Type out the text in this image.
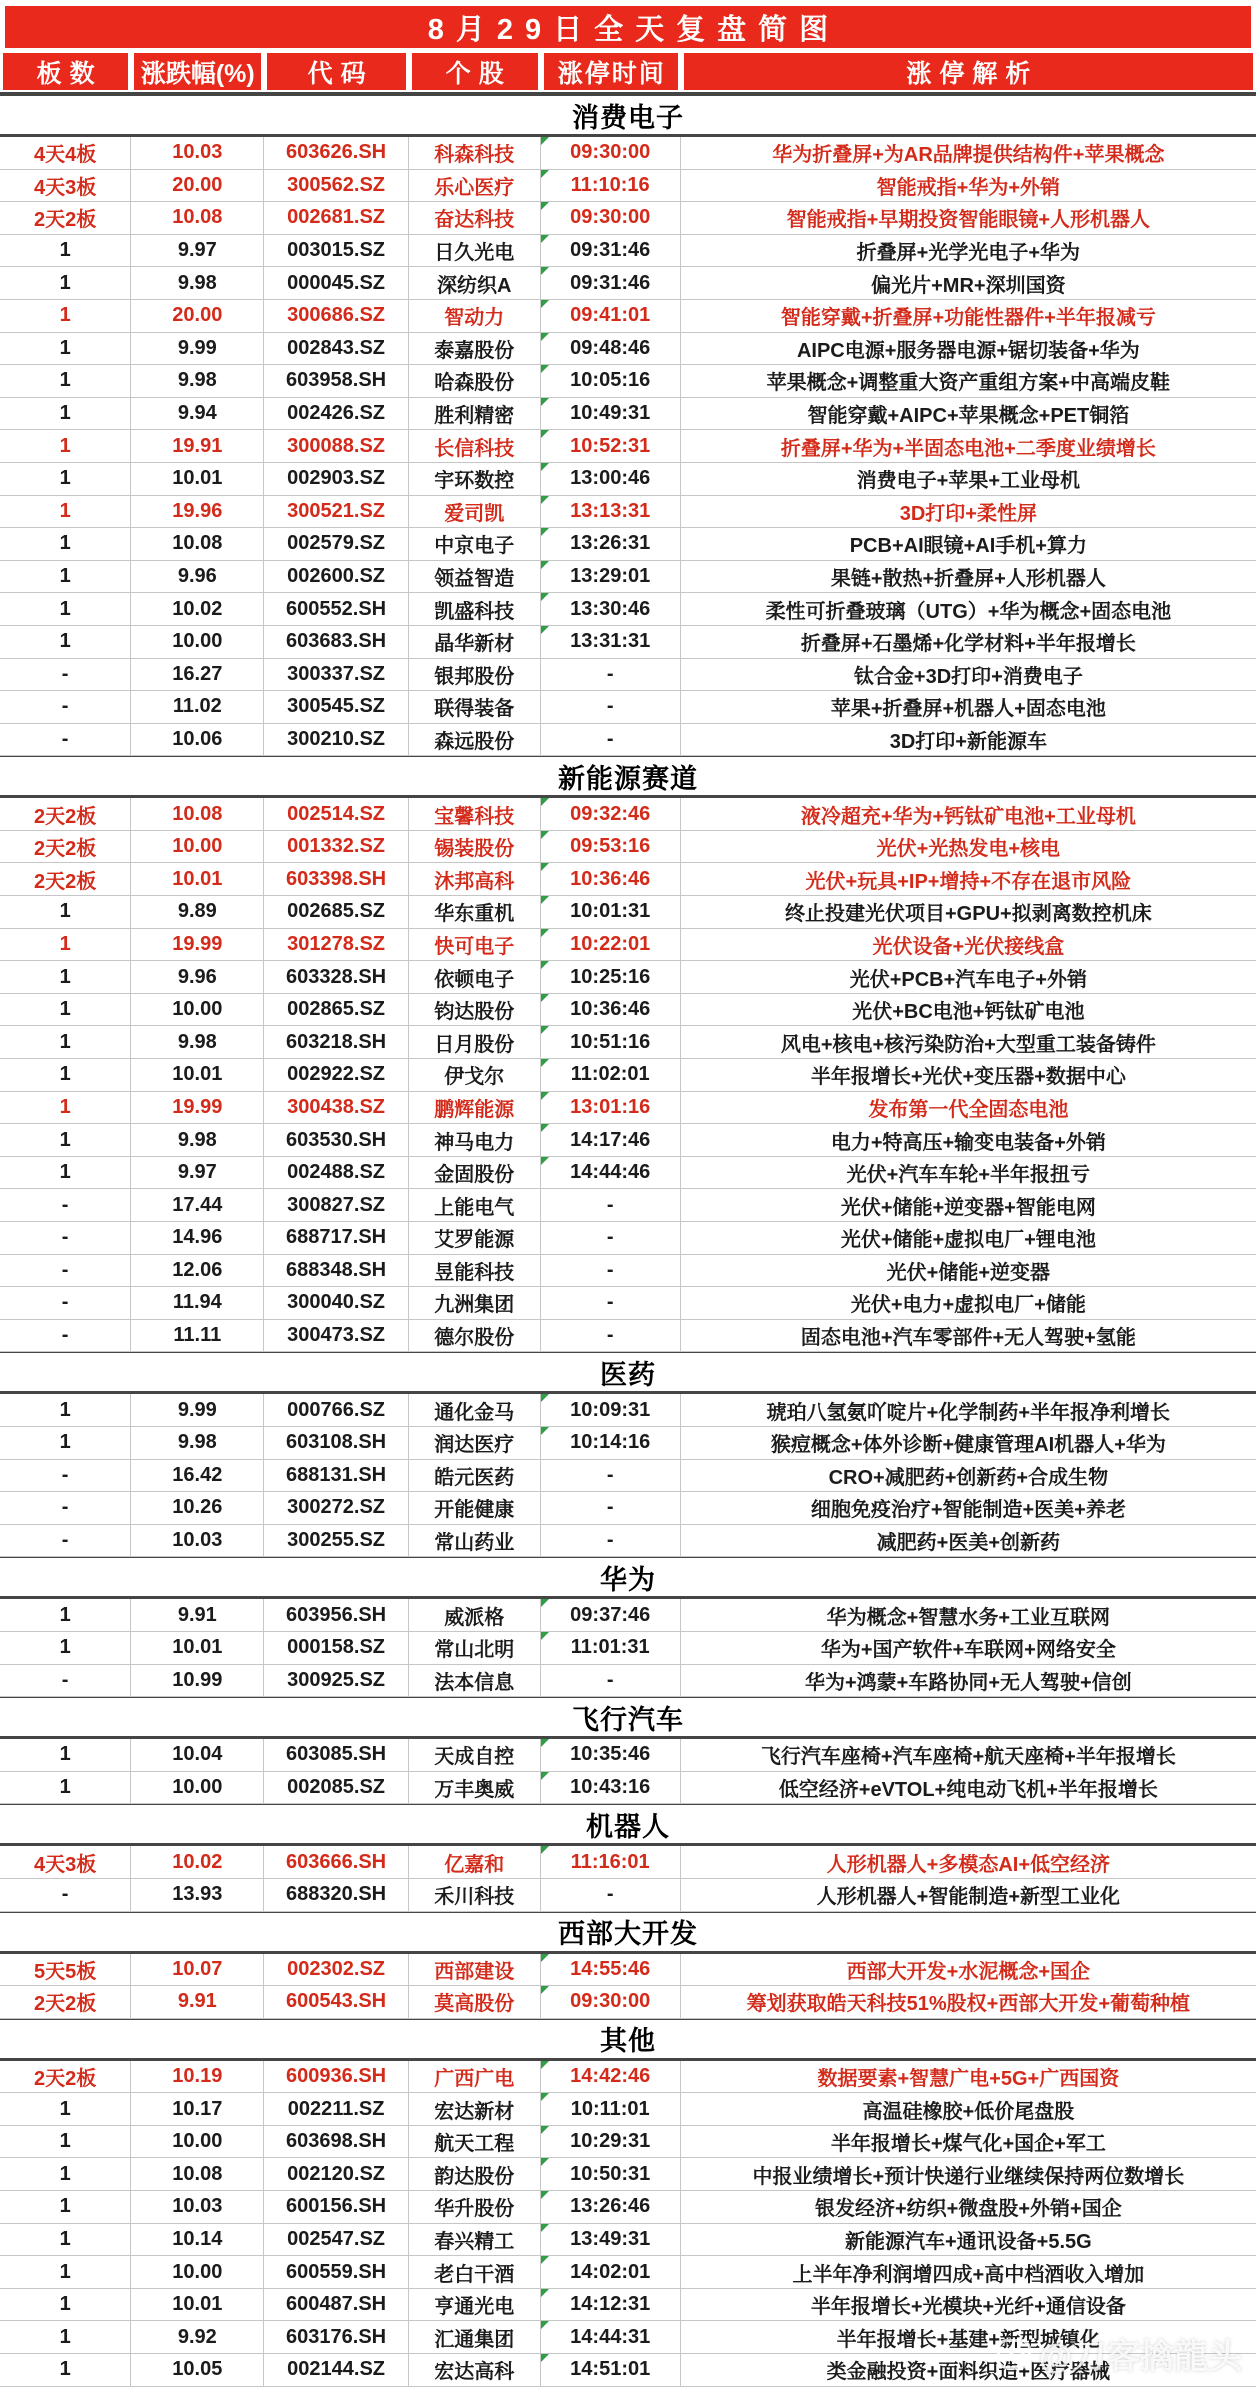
8月29日全天复盘简图
板数	涨跌幅(%)	代码	个股	涨停时间	涨停解析
消费电子
4天4板	10.03	603626.SH 科森科技	09:30:00	华为折叠屏+为AR品牌提供结构件+苹果概念
4天3板	20.00	300562.SZ 乐心医疗	11:10:16	智能戒指+华为+外销
2天2板	10.08	002681.SZ 奋达科技	09:30:00	智能戒指+早期投资智能眼镜+人形机器人
1	9.97	003015.SZ 日久光电	09:31:46	折叠屏+光学光电子+华为
1	9.98	000045.SZ	深纺织A	09:31:46	偏光片+MR+深圳国资
1	20.00	300686.SZ	智动力	09:41:01	智能穿戴+折叠屏+功能性器件+半年报减亏
1	9.99	002843.SZ 泰嘉股份	09:48:46	AIPC电源+服务器电源+锯切装备+华为
1	9.98	603958.SH 哈森股份	10:05:16	苹果概念+调整重大资产重组方案+中高端皮鞋
1	9.94	002426.SZ 胜利精密	10:49:31	智能穿戴+AIPC+苹果概念+PET铜箔
1	19.91	300088.SZ 长信科技	10:52:31	折叠屏+华为+半固态电池+二季度业绩增长
1	10.01	002903.SZ 宇环数控	13:00:46	消费电子+苹果+工业母机
1	19.96	300521.SZ	爱司凯	13:13:31	3D打印+柔性屏
1	10.08	002579.SZ 中京电子	13:26:31	PCB+AI眼镜+AI手机+算力
1	9.96	002600.SZ 领益智造	13:29:01	果链+散热+折叠屏+人形机器人
1	10.02	600552.SH 凯盛科技	13:30:46	柔性可折叠玻璃（UTG）+华为概念+固态电池
1	10.00	603683.SH 晶华新材	13:31:31	折叠屏+石墨烯+化学材料+半年报增长
-	16.27	300337.SZ 银邦股份	-	钛合金+3D打印+消费电子
-	11.02	300545.SZ 联得装备	-	苹果+折叠屏+机器人+固态电池
-	10.06	300210.SZ 森远股份	-	3D打印+新能源车
新能源赛道
2天2板	10.08	002514.SZ 宝馨科技	09:32:46	液冷超充+华为+钙钛矿电池+工业母机
2天2板	10.00	001332.SZ 锡装股份	09:53:16	光伏+光热发电+核电
2天2板	10.01	603398.SH 沐邦高科	10:36:46	光伏+玩具+IP+增持+不存在退市风险
1	9.89	002685.SZ 华东重机	10:01:31	终止投建光伏项目+GPU+拟剥离数控机床
1	19.99	301278.SZ 快可电子	10:22:01	光伏设备+光伏接线盒
1	9.96	603328.SH 依顿电子	10:25:16	光伏+PCB+汽车电子+外销
1	10.00	002865.SZ 钧达股份	10:36:46	光伏+BC电池+钙钛矿电池
1	9.98	603218.SH 日月股份	10:51:16	风电+核电+核污染防治+大型重工装备铸件
1	10.01	002922.SZ	伊戈尔	11:02:01	半年报增长+光伏+变压器+数据中心
1	19.99	300438.SZ 鹏辉能源	13:01:16	发布第一代全固态电池
1	9.98	603530.SH 神马电力	14:17:46	电力+特高压+输变电装备+外销
1	9.97	002488.SZ 金固股份	14:44:46	光伏+汽车车轮+半年报扭亏
-	17.44	300827.SZ 上能电气	-	光伏+储能+逆变器+智能电网
-	14.96	688717.SH 艾罗能源	-	光伏+储能+虚拟电厂+锂电池
-	12.06	688348.SH 昱能科技	-	光伏+储能+逆变器
-	11.94	300040.SZ 九洲集团	-	光伏+电力+虚拟电厂+储能
-	11.11	300473.SZ 德尔股份	-	固态电池+汽车零部件+无人驾驶+氢能
医药
1	9.99	000766.SZ 通化金马	10:09:31	琥珀八氢氨吖啶片+化学制药+半年报净利增长
1	9.98	603108.SH 润达医疗	10:14:16	猴痘概念+体外诊断+健康管理AI机器人+华为
-	16.42	688131.SH 皓元医药	-	CRO+减肥药+创新药+合成生物
-	10.26	300272.SZ 开能健康	-	细胞免疫治疗+智能制造+医美+养老
-	10.03	300255.SZ 常山药业	-	减肥药+医美+创新药
华为
1	9.91	603956.SH	威派格	09:37:46	华为概念+智慧水务+工业互联网
1	10.01	000158.SZ 常山北明	11:01:31	华为+国产软件+车联网+网络安全
-	10.99	300925.SZ 法本信息	-	华为+鸿蒙+车路协同+无人驾驶+信创
飞行汽车
1	10.04	603085.SH 天成自控	10:35:46	飞行汽车座椅+汽车座椅+航天座椅+半年报增长
1	10.00	002085.SZ 万丰奥威	10:43:16	低空经济+eVTOL+纯电动飞机+半年报增长
机器人
4天3板	10.02	603666.SH	亿嘉和	11:16:01	人形机器人+多模态AI+低空经济
-	13.93	688320.SH 禾川科技	-	人形机器人+智能制造+新型工业化
西部大开发
5天5板	10.07	002302.SZ 西部建设	14:55:46	西部大开发+水泥概念+国企
2天2板	9.91	600543.SH 莫高股份	09:30:00	筹划获取皓天科技51%股权+西部大开发+葡萄种植
其他
2天2板	10.19	600936.SH 广西广电	14:42:46	数据要素+智慧广电+5G+广西国资
1	10.17	002211.SZ 宏达新材	10:11:01	高温硅橡胶+低价尾盘股
1	10.00	603698.SH 航天工程	10:29:31	半年报增长+煤气化+国企+军工
1	10.08	002120.SZ 韵达股份	10:50:31	中报业绩增长+预计快递行业继续保持两位数增长
1	10.03	600156.SH 华升股份	13:26:46	银发经济+纺织+微盘股+外销+国企
1	10.14	002547.SZ 春兴精工	13:49:31	新能源汽车+通讯设备+5.5G
1	10.00	600559.SH 老白干酒	14:02:01	上半年净利润增四成+高中档酒收入增加
1	10.01	600487.SH 亨通光电	14:12:31	半年报增长+光模块+光纤+通信设备
1	9.92	603176.SH 汇通集团	14:44:31	半年报增长+基建+新型城镇化
1	10.05	002144.SZ 宏达高科	14:51:01	类金融投资+面料织造+医疗器械
@刀客擒龍头
